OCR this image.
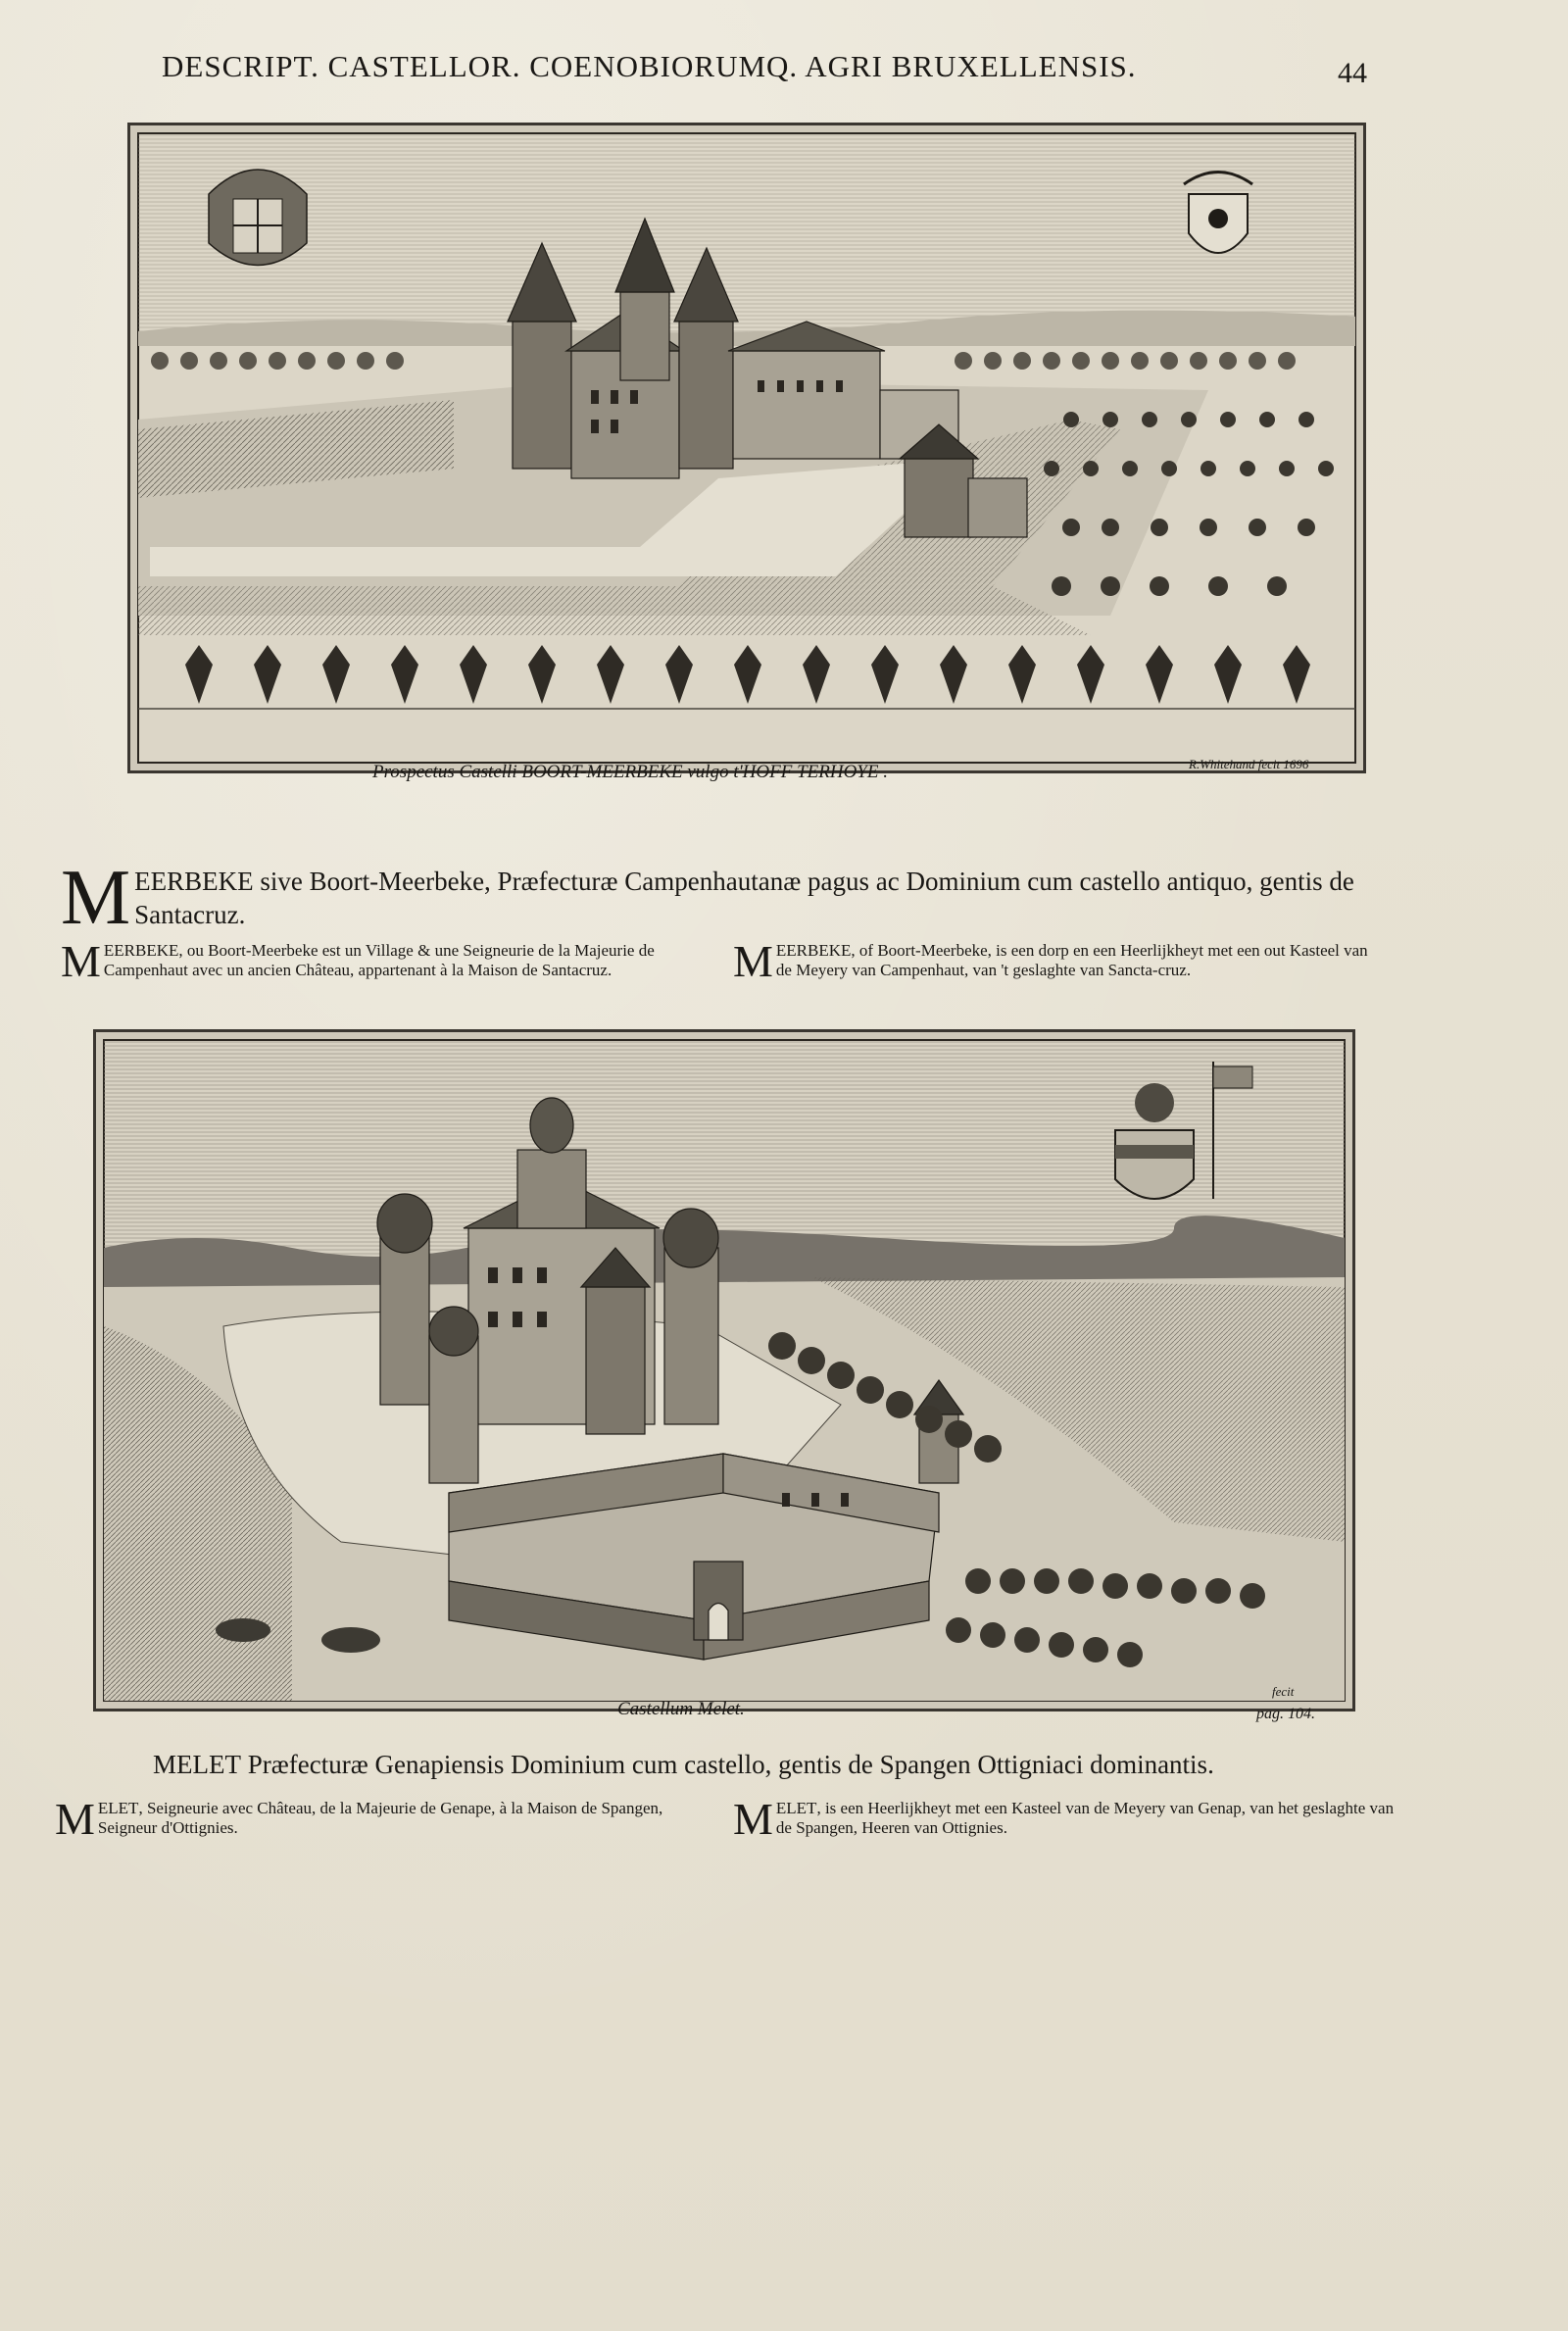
DESCRIPT. CASTELLOR. COENOBIORUMQ. AGRI BRUXELLENSIS.	44
Prospectus Castelli BOORT-MEERBEKE vulgo t'HOFF TERHOYE .	R.Whitehand fecit 1696
MEERBEKE sive Boort-Meerbeke, Præfecturæ Campenhautanæ pagus ac Dominium cum castello antiquo, gentis de Santacruz.
MEERBEKE, ou Boort-Meerbeke est un Village & une Seigneurie de la Majeurie de Campenhaut avec un ancien Château, appartenant à la Maison de Santacruz.	MEERBEKE, of Boort-Meerbeke, is een dorp en een Heerlijkheyt met een out Kasteel van de Meyery van Campenhaut, van 't geslaghte van Sancta-cruz.
Castellum Melet.	pag. 104.
fecit
MELET Præfecturæ Genapiensis Dominium cum castello, gentis de Spangen Ottigniaci dominantis.
MELET, Seigneurie avec Château, de la Majeurie de Genape, à la Maison de Spangen, Seigneur d'Ottignies.	MELET, is een Heerlijkheyt met een Kasteel van de Meyery van Genap, van het geslaghte van de Spangen, Heeren van Ottignies.
